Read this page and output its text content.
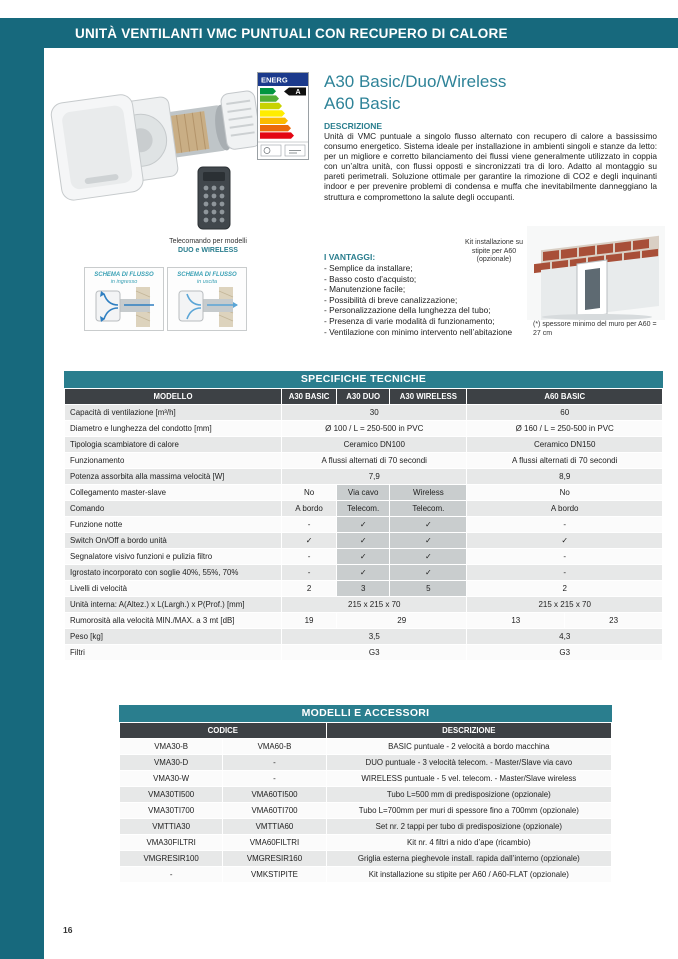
UNITÀ VENTILANTI VMC PUNTUALI CON RECUPERO DI CALORE
Telecomando per modelli
DUO e WIRELESS
ENERG
A
A30 Basic/Duo/Wireless
A60 Basic
DESCRIZIONE
Unità di VMC puntuale a singolo flusso alternato con recupero di calore a bassissimo consumo energetico. Sistema ideale per installazione in ambienti singoli e stanze da letto: per un migliore e corretto bilanciamento dei flussi viene generalmente utilizzato in coppia con un’altra unità, con flussi opposti e sincronizzati tra di loro. Adatto al montaggio su pareti perimetrali. Soluzione ottimale per garantire la rimozione di CO2 e degli inquinanti indoor e per prevenire problemi di condensa e muffa che inevitabilmente danneggiano la struttura e compromettono la salute degli occupanti.
I VANTAGGI:
- Semplice da installare;
- Basso costo d’acquisto;
- Manutenzione facile;
- Possibilità di breve canalizzazione;
- Personalizzazione della lunghezza del tubo;
- Presenza di varie modalità di funzionamento;
- Ventilazione con minimo intervento nell’abitazione
Kit installazione su stipite per A60 (opzionale)
(*) spessore minimo del muro per A60 = 27 cm
SCHEMA DI FLUSSO
in ingresso
SCHEMA DI FLUSSO
in uscita
SPECIFICHE TECNICHE
MODELLO	A30 BASIC	A30 DUO	A30 WIRELESS	A60 BASIC	
Capacità di ventilazione [m³/h]	30			60	
Diametro e lunghezza del condotto [mm]	Ø 100 / L = 250-500 in PVC			Ø 160 / L = 250-500 in PVC	
Tipologia scambiatore di calore	Ceramico DN100			Ceramico DN150	
Funzionamento	A flussi alternati di 70 secondi			A flussi alternati di 70 secondi	
Potenza assorbita alla massima velocità [W]	7,9			8,9	
Collegamento master-slave	No	Via cavo	Wireless	No	
Comando	A bordo	Telecom.	Telecom.	A bordo	
Funzione notte	-	✓	✓	-	
Switch On/Off a bordo unità	✓	✓	✓	✓	
Segnalatore visivo funzioni e pulizia filtro	-	✓	✓	-	
Igrostato incorporato con soglie 40%, 55%, 70%	-	✓	✓	-	
Livelli di velocità	2	3	5	2	
Unità interna: A(Altez.) x L(Largh.) x P(Prof.) [mm]	215 x 215 x 70			215 x 215 x 70	
Rumorosità alla velocità MIN./MAX. a 3 mt [dB]	19	29		13	23
Peso [kg]	3,5			4,3	
Filtri	G3			G3	
MODELLI E ACCESSORI
CODICE		DESCRIZIONE
VMA30-B	VMA60-B	BASIC puntuale - 2 velocità a bordo macchina
VMA30-D	-	DUO puntuale - 3 velocità telecom. - Master/Slave via cavo
VMA30-W	-	WIRELESS puntuale - 5 vel. telecom. - Master/Slave wireless
VMA30TI500	VMA60TI500	Tubo L=500 mm di predisposizione (opzionale)
VMA30TI700	VMA60TI700	Tubo L=700mm per muri di spessore fino a 700mm (opzionale)
VMTTIA30	VMTTIA60	Set nr. 2 tappi per tubo di predisposizione (opzionale)
VMA30FILTRI	VMA60FILTRI	Kit nr. 4 filtri a nido d’ape (ricambio)
VMGRESIR100	VMGRESIR160	Griglia esterna pieghevole install. rapida dall’interno (opzionale)
-	VMKSTIPITE	Kit installazione su stipite per A60 / A60-FLAT (opzionale)
16
